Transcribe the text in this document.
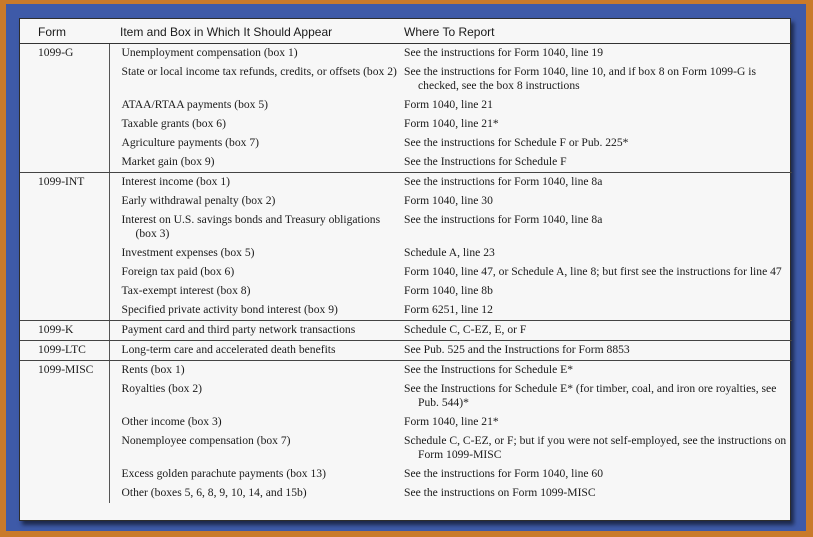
Form	Item and Box in Which It Should Appear	Where To Report
1099-G	Unemployment compensation (box 1)	See the instructions for Form 1040, line 19

	State or local income tax refunds, credits, or offsets (box 2)	See the instructions for Form 1040, line 10, and if box 8 on Form 1099-G is checked, see the box 8 instructions

	ATAA/RTAA payments (box 5)	Form 1040, line 21

	Taxable grants (box 6)	Form 1040, line 21*

	Agriculture payments (box 7)	See the instructions for Schedule F or Pub. 225*

	Market gain (box 9)	See the Instructions for Schedule F

1099-INT	Interest income (box 1)	See the instructions for Form 1040, line 8a

	Early withdrawal penalty (box 2)	Form 1040, line 30

	Interest on U.S. savings bonds and Treasury obligations (box 3)	See the instructions for Form 1040, line 8a

	Investment expenses (box 5)	Schedule A, line 23

	Foreign tax paid (box 6)	Form 1040, line 47, or Schedule A, line 8; but first see the instructions for line 47

	Tax-exempt interest (box 8)	Form 1040, line 8b

	Specified private activity bond interest (box 9)	Form 6251, line 12

1099-K	Payment card and third party network transactions	Schedule C, C-EZ, E, or F

1099-LTC	Long-term care and accelerated death benefits	See Pub. 525 and the Instructions for Form 8853

1099-MISC	Rents (box 1)	See the Instructions for Schedule E*

	Royalties (box 2)	See the Instructions for Schedule E* (for timber, coal, and iron ore royalties, see Pub. 544)*

	Other income (box 3)	Form 1040, line 21*

	Nonemployee compensation (box 7)	Schedule C, C-EZ, or F; but if you were not self-employed, see the instructions on Form 1099-MISC

	Excess golden parachute payments (box 13)	See the instructions for Form 1040, line 60

	Other (boxes 5, 6, 8, 9, 10, 14, and 15b)	See the instructions on Form 1099-MISC
